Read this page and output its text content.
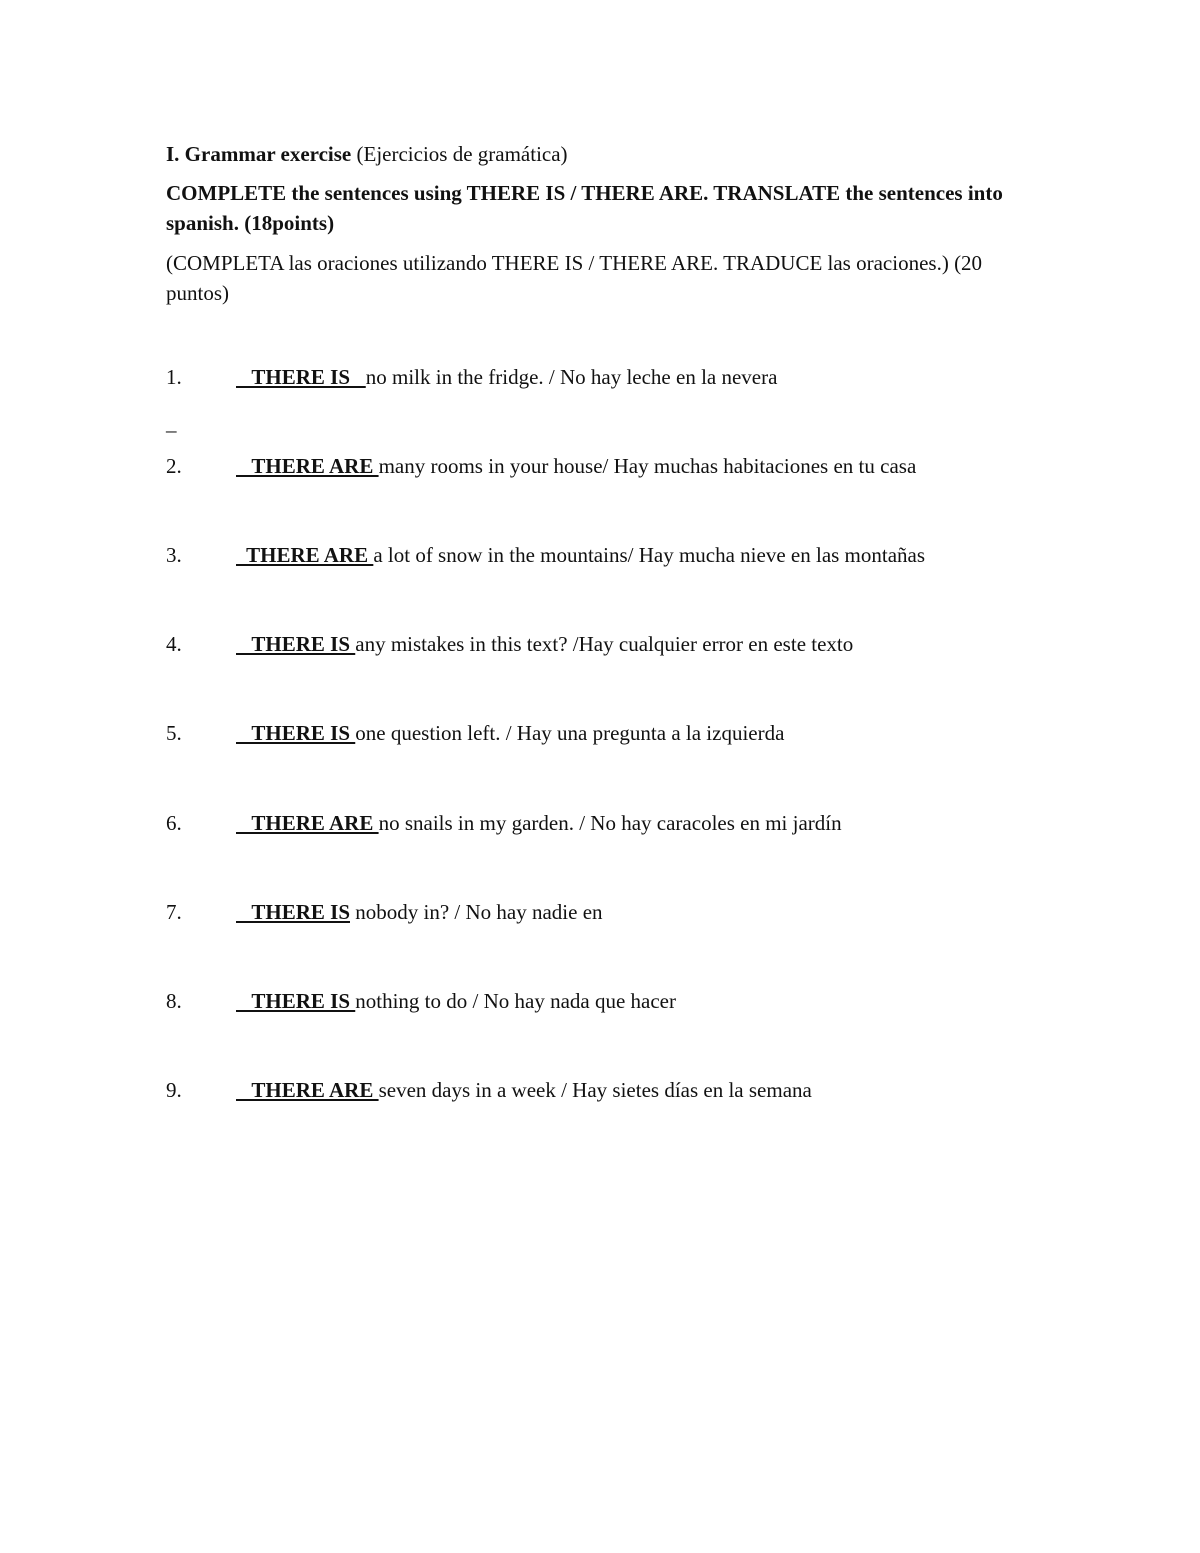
I. Grammar exercise (Ejercicios de gramática)
COMPLETE the sentences using THERE IS / THERE ARE. TRANSLATE the sentences into spanish. (18points)
(COMPLETA las oraciones utilizando THERE IS / THERE ARE. TRADUCE las oraciones.) (20 puntos)
_
1.	THERE IS   no milk in the fridge. / No hay leche en la nevera
2.	THERE ARE many rooms in your house/ Hay muchas habitaciones en tu casa
3.	THERE ARE a lot of snow in the mountains/ Hay mucha nieve en las montañas
4.	THERE IS any mistakes in this text? /Hay cualquier error en este texto
5.	THERE IS one question left. / Hay una pregunta a la izquierda
6.	THERE ARE no snails in my garden. / No hay caracoles en mi jardín
7.	THERE IS nobody in? / No hay nadie en
8.	THERE IS nothing to do / No hay nada que hacer
9.	THERE ARE seven days in a week / Hay sietes días en la semana
